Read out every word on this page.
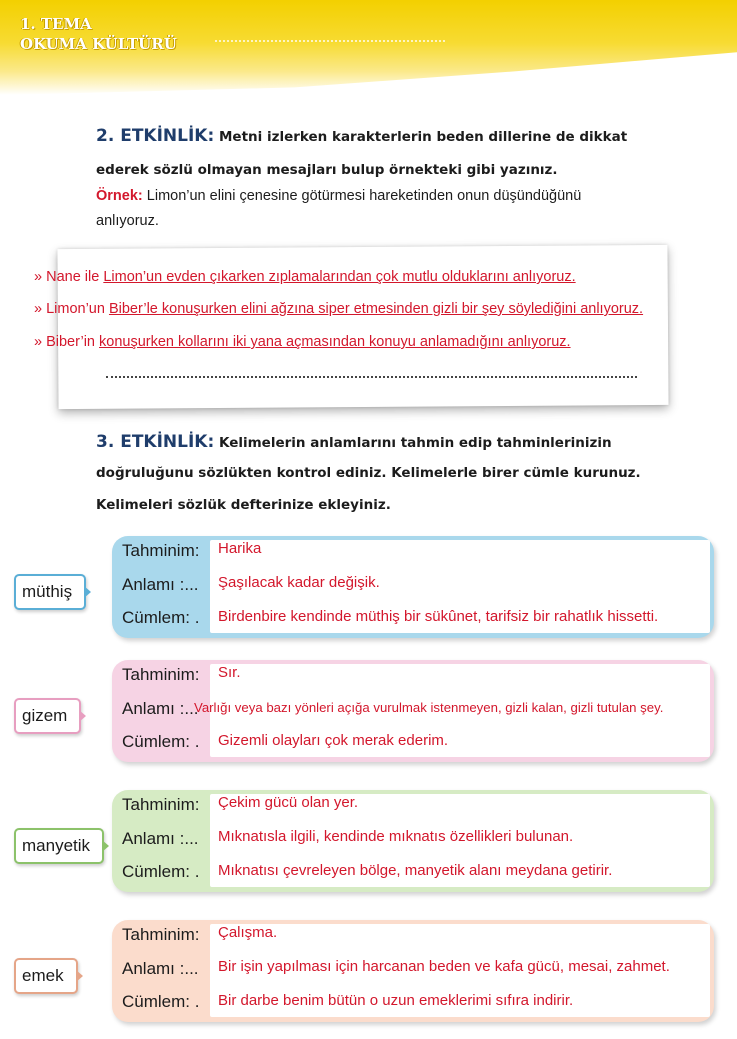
1. TEMA
OKUMA KÜLTÜRÜ
2. ETKİNLİK: Metni izlerken karakterlerin beden dillerine de dikkat
ederek sözlü olmayan mesajları bulup örnekteki gibi yazınız.
Örnek: Limon’un elini çenesine götürmesi hareketinden onun düşündüğünü
anlıyoruz.
» Nane ile Limon’un evden çıkarken zıplamalarından çok mutlu olduklarını anlıyoruz.
» Limon’un Biber’le konuşurken elini ağzına siper etmesinden gizli bir şey söylediğini anlıyoruz.
» Biber’in konuşurken kollarını iki yana açmasından konuyu anlamadığını anlıyoruz.
3. ETKİNLİK: Kelimelerin anlamlarını tahmin edip tahminlerinizin
doğruluğunu sözlükten kontrol ediniz. Kelimelerle birer cümle kurunuz.
Kelimeleri sözlük defterinize ekleyiniz.
Tahminim:
Anlamı :...
Cümlem: .
Harika
Şaşılacak kadar değişik.
Birdenbire kendinde müthiş bir sükûnet, tarifsiz bir rahatlık hissetti.
müthiş
Tahminim:
Anlamı :...
Cümlem: .
Sır.
Varlığı veya bazı yönleri açığa vurulmak istenmeyen, gizli kalan, gizli tutulan şey.
Gizemli olayları çok merak ederim.
gizem
Tahminim:
Anlamı :...
Cümlem: .
Çekim gücü olan yer.
Mıknatısla ilgili, kendinde mıknatıs özellikleri bulunan.
Mıknatısı çevreleyen bölge, manyetik alanı meydana getirir.
manyetik
Tahminim:
Anlamı :...
Cümlem: .
Çalışma.
Bir işin yapılması için harcanan beden ve kafa gücü, mesai, zahmet.
Bir darbe benim bütün o uzun emeklerimi sıfıra indirir.
emek
